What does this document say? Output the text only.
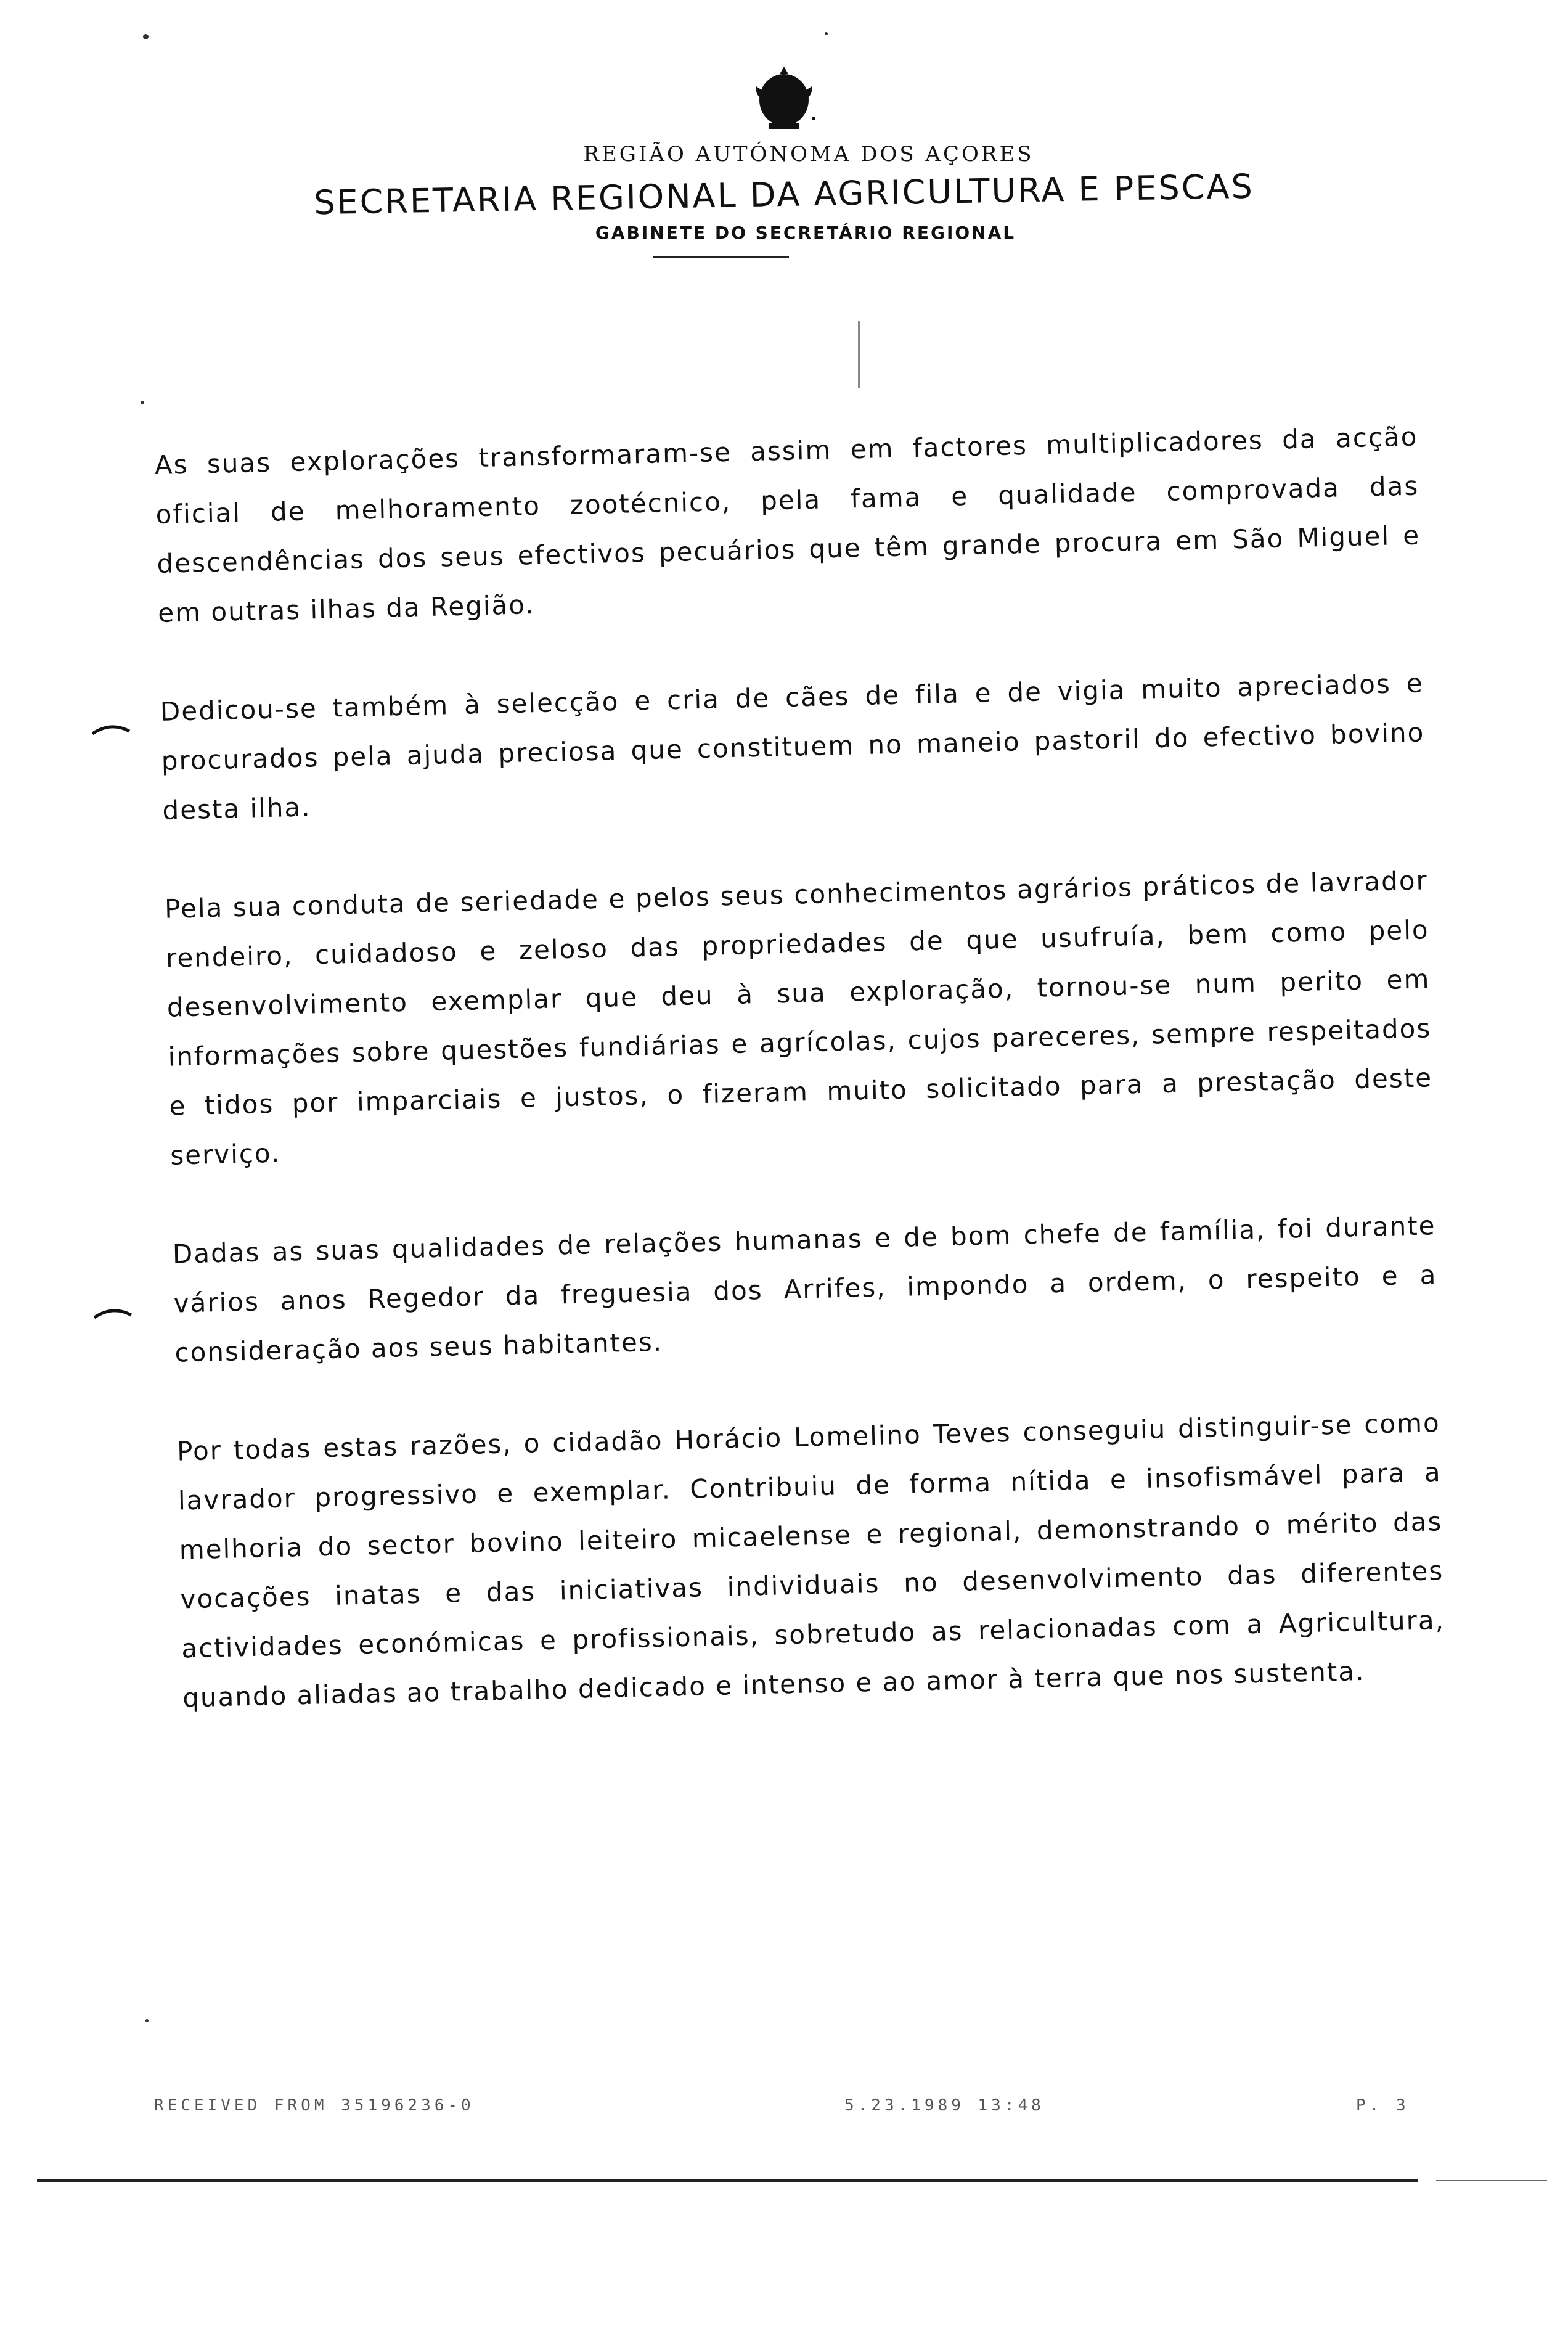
REGIÃO AUTÓNOMA DOS AÇORES
SECRETARIA REGIONAL DA AGRICULTURA E PESCAS
GABINETE DO SECRETÁRIO REGIONAL

As suas explorações transformaram-se assim em factores multiplicadores da acção oficial de melhoramento zootécnico, pela fama e qualidade comprovada das descendências dos seus efectivos pecuários que têm grande procura em São Miguel e em outras ilhas da Região.

Dedicou-se também à selecção e cria de cães de fila e de vigia muito apreciados e procurados pela ajuda preciosa que constituem no maneio pastoril do efectivo bovino desta ilha.

Pela sua conduta de seriedade e pelos seus conhecimentos agrários práticos de lavrador rendeiro, cuidadoso e zeloso das propriedades de que usufruía, bem como pelo desenvolvimento exemplar que deu à sua exploração, tornou-se num perito em informações sobre questões fundiárias e agrícolas, cujos pareceres, sempre respeitados e tidos por imparciais e justos, o fizeram muito solicitado para a prestação deste serviço.

Dadas as suas qualidades de relações humanas e de bom chefe de família, foi durante vários anos Regedor da freguesia dos Arrifes, impondo a ordem, o respeito e a consideração aos seus habitantes.

Por todas estas razões, o cidadão Horácio Lomelino Teves conseguiu distinguir-se como lavrador progressivo e exemplar. Contribuiu de forma nítida e insofismável para a melhoria do sector bovino leiteiro micaelense e regional, demonstrando o mérito das vocações inatas e das iniciativas individuais no desenvolvimento das diferentes actividades económicas e profissionais, sobretudo as relacionadas com a Agricultura, quando aliadas ao trabalho dedicado e intenso e ao amor à terra que nos sustenta.

RECEIVED FROM 35196236-0	5.23.1989 13:48	P. 3
